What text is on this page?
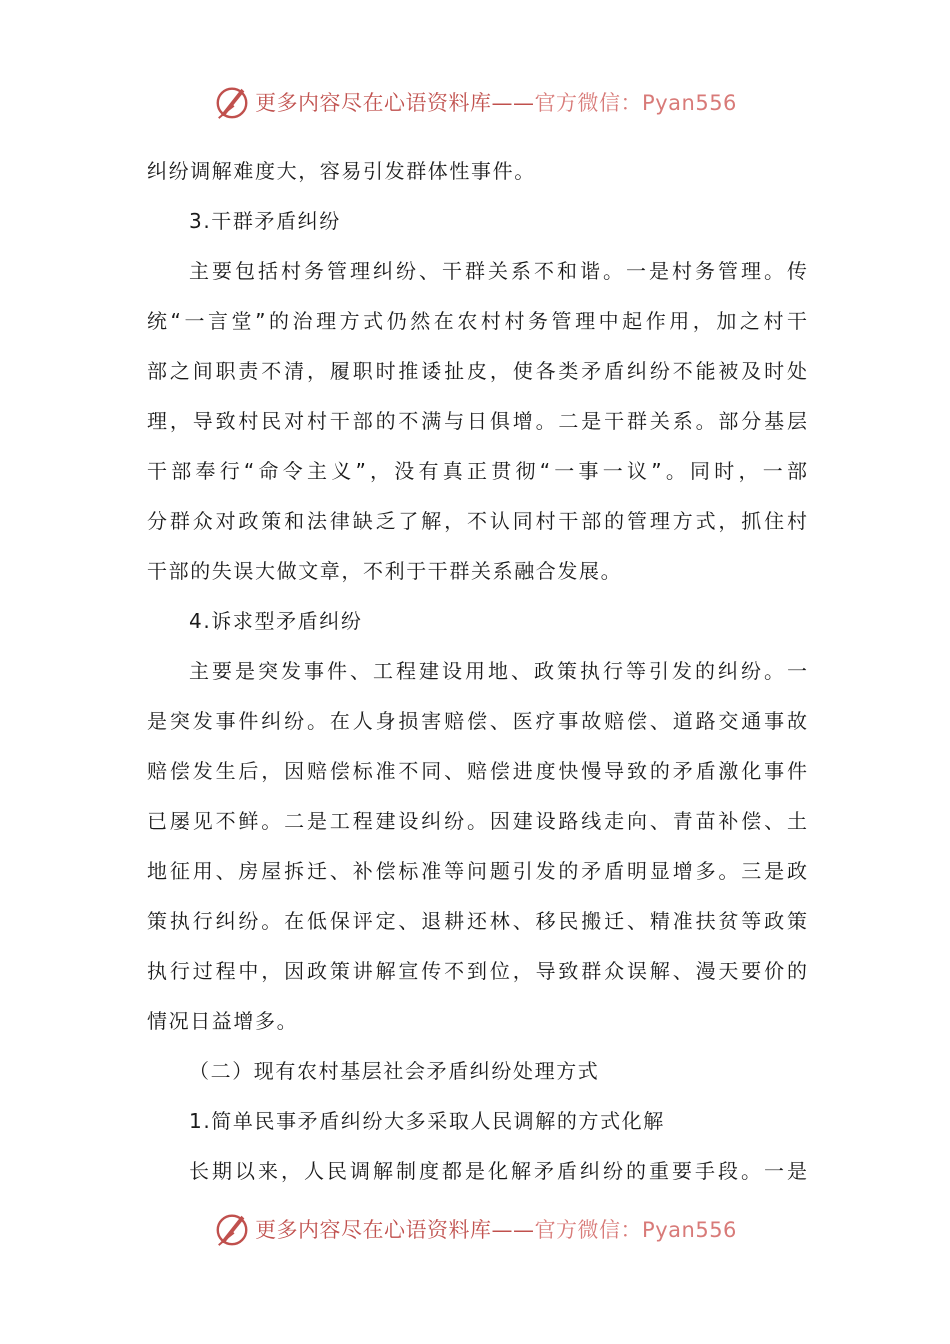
更多内容尽在心语资料库——官方微信：Pyan556
纠纷调解难度大，容易引发群体性事件。
3.干群矛盾纠纷
主要包括村务管理纠纷、干群关系不和谐。一是村务管理。传
统“一言堂”的治理方式仍然在农村村务管理中起作用，加之村干
部之间职责不清，履职时推诿扯皮，使各类矛盾纠纷不能被及时处
理，导致村民对村干部的不满与日俱增。二是干群关系。部分基层
干部奉行“命令主义”，没有真正贯彻“一事一议”。同时，一部
分群众对政策和法律缺乏了解，不认同村干部的管理方式，抓住村
干部的失误大做文章，不利于干群关系融合发展。
4.诉求型矛盾纠纷
主要是突发事件、工程建设用地、政策执行等引发的纠纷。一
是突发事件纠纷。在人身损害赔偿、医疗事故赔偿、道路交通事故
赔偿发生后，因赔偿标准不同、赔偿进度快慢导致的矛盾激化事件
已屡见不鲜。二是工程建设纠纷。因建设路线走向、青苗补偿、土
地征用、房屋拆迁、补偿标准等问题引发的矛盾明显增多。三是政
策执行纠纷。在低保评定、退耕还林、移民搬迁、精准扶贫等政策
执行过程中，因政策讲解宣传不到位，导致群众误解、漫天要价的
情况日益增多。
（二）现有农村基层社会矛盾纠纷处理方式
1.简单民事矛盾纠纷大多采取人民调解的方式化解
长期以来，人民调解制度都是化解矛盾纠纷的重要手段。一是
更多内容尽在心语资料库——官方微信：Pyan556
